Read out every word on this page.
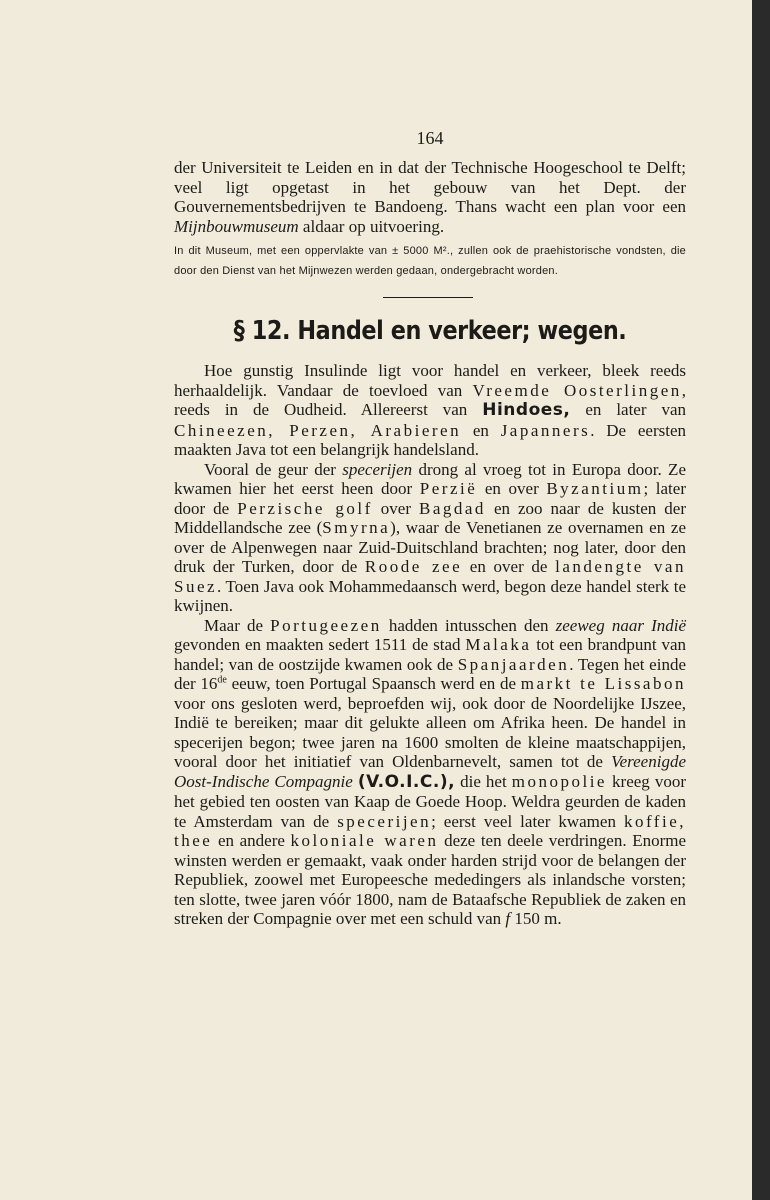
164

der Universiteit te Leiden en in dat der Technische Hoogeschool te Delft; veel ligt opgetast in het gebouw van het Dept. der Gouvernementsbedrijven te Bandoeng. Thans wacht een plan voor een Mijnbouwmuseum aldaar op uitvoering.

In dit Museum, met een oppervlakte van ± 5000 M²., zullen ook de praehistorische vondsten, die door den Dienst van het Mijnwezen werden gedaan, ondergebracht worden.

§ 12. Handel en verkeer; wegen.

Hoe gunstig Insulinde ligt voor handel en verkeer, bleek reeds herhaaldelijk. Vandaar de toevloed van Vreemde Oosterlingen, reeds in de Oudheid. Allereerst van Hindoes, en later van Chineezen, Perzen, Arabieren en Japanners. De eersten maakten Java tot een belangrijk handelsland.

Vooral de geur der specerijen drong al vroeg tot in Europa door. Ze kwamen hier het eerst heen door Perzië en over Byzantium; later door de Perzische golf over Bagdad en zoo naar de kusten der Middellandsche zee (Smyrna), waar de Venetianen ze overnamen en ze over de Alpenwegen naar Zuid-Duitschland brachten; nog later, door den druk der Turken, door de Roode zee en over de landengte van Suez. Toen Java ook Mohammedaansch werd, begon deze handel sterk te kwijnen.

Maar de Portugeezen hadden intusschen den zeeweg naar Indië gevonden en maakten sedert 1511 de stad Malaka tot een brandpunt van handel; van de oostzijde kwamen ook de Spanjaarden. Tegen het einde der 16de eeuw, toen Portugal Spaansch werd en de markt te Lissabon voor ons gesloten werd, beproefden wij, ook door de Noordelijke IJszee, Indië te bereiken; maar dit gelukte alleen om Afrika heen. De handel in specerijen begon; twee jaren na 1600 smolten de kleine maatschappijen, vooral door het initiatief van Oldenbarnevelt, samen tot de Vereenigde Oost-Indische Compagnie (V.O.I.C.), die het monopolie kreeg voor het gebied ten oosten van Kaap de Goede Hoop. Weldra geurden de kaden te Amsterdam van de specerijen; eerst veel later kwamen koffie, thee en andere koloniale waren deze ten deele verdringen. Enorme winsten werden er gemaakt, vaak onder harden strijd voor de belangen der Republiek, zoowel met Europeesche mededingers als inlandsche vorsten; ten slotte, twee jaren vóór 1800, nam de Bataafsche Republiek de zaken en streken der Compagnie over met een schuld van f 150 m.
